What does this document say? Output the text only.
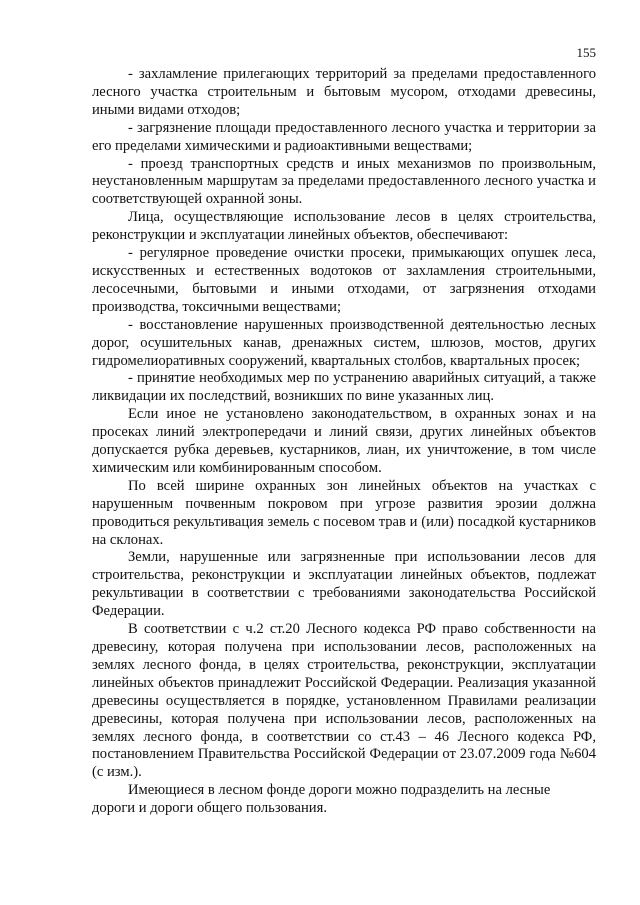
155

- захламление прилегающих территорий за пределами предоставленного лесного участка строительным и бытовым мусором, отходами древесины, иными видами отходов;

- загрязнение площади предоставленного лесного участка и территории за его пределами химическими и радиоактивными веществами;

- проезд транспортных средств и иных механизмов по произвольным, неустановленным маршрутам за пределами предоставленного лесного участка и соответствующей охранной зоны.

Лица, осуществляющие использование лесов в целях строительства, реконструкции и эксплуатации линейных объектов, обеспечивают:

- регулярное проведение очистки просеки, примыкающих опушек леса, искусственных и естественных водотоков от захламления строительными, лесосечными, бытовыми и иными отходами, от загрязнения отходами производства, токсичными веществами;

- восстановление нарушенных производственной деятельностью лесных дорог, осушительных канав, дренажных систем, шлюзов, мостов, других гидромелиоративных сооружений, квартальных столбов, квартальных просек;

- принятие необходимых мер по устранению аварийных ситуаций, а также ликвидации их последствий, возникших по вине указанных лиц.

Если иное не установлено законодательством, в охранных зонах и на просеках линий электропередачи и линий связи, других линейных объектов допускается рубка деревьев, кустарников, лиан, их уничтожение, в том числе химическим или комбинированным способом.

По всей ширине охранных зон линейных объектов на участках с нарушенным почвенным покровом при угрозе развития эрозии должна проводиться рекультивация земель с посевом трав и (или) посадкой кустарников на склонах.

Земли, нарушенные или загрязненные при использовании лесов для строительства, реконструкции и эксплуатации линейных объектов, подлежат рекультивации в соответствии с требованиями законодательства Российской Федерации.

В соответствии с ч.2 ст.20 Лесного кодекса РФ право собственности на древесину, которая получена при использовании лесов, расположенных на землях лесного фонда, в целях строительства, реконструкции, эксплуатации линейных объектов принадлежит Российской Федерации. Реализация указанной древесины осуществляется в порядке, установленном Правилами реализации древесины, которая получена при использовании лесов, расположенных на землях лесного фонда, в соответствии со ст.43 – 46 Лесного кодекса РФ, постановлением Правительства Российской Федерации от 23.07.2009 года №604 (с изм.).

Имеющиеся в лесном фонде дороги можно подразделить на лесные дороги и дороги общего пользования.
